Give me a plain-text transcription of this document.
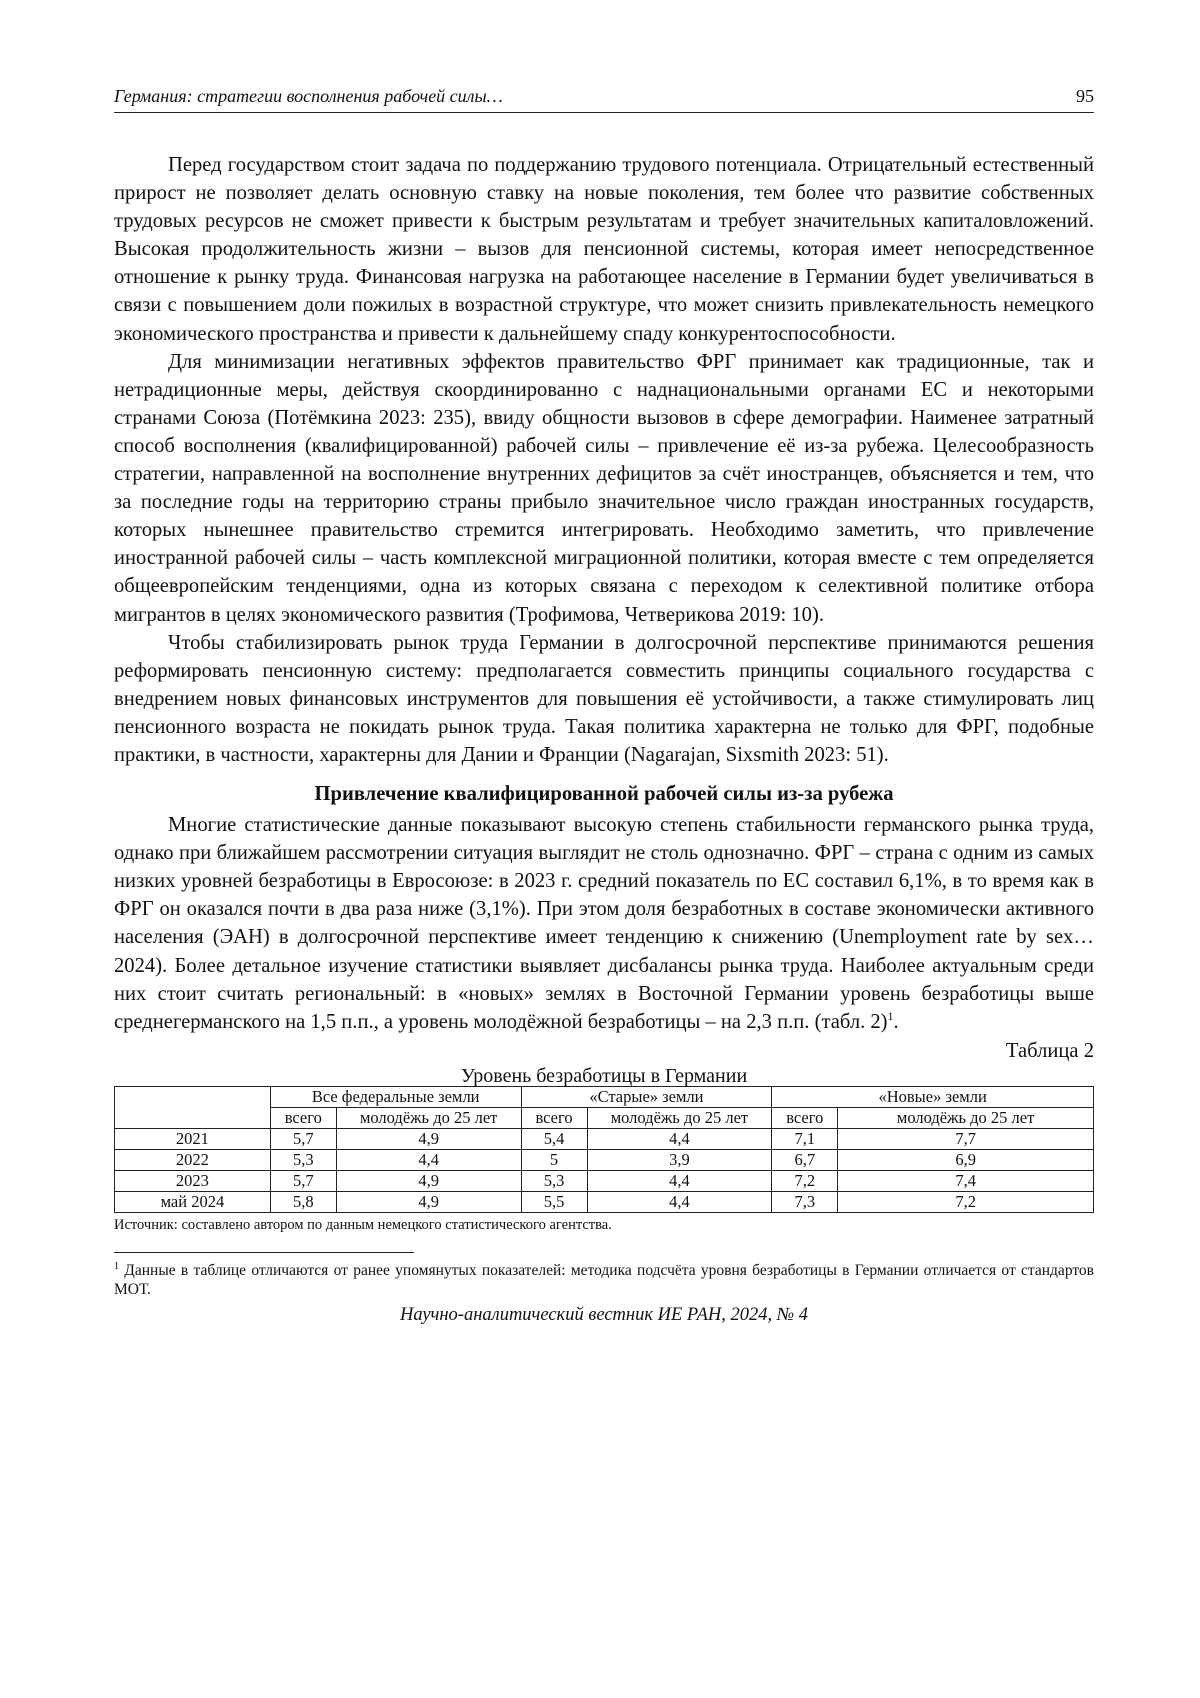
Германия: стратегии восполнения рабочей силы…	95

Перед государством стоит задача по поддержанию трудового потенциала. Отрицательный естественный прирост не позволяет делать основную ставку на новые поколения, тем более что развитие собственных трудовых ресурсов не сможет привести к быстрым результатам и требует значительных капиталовложений. Высокая продолжительность жизни – вызов для пенсионной системы, которая имеет непосредственное отношение к рынку труда. Финансовая нагрузка на работающее население в Германии будет увеличиваться в связи с повышением доли пожилых в возрастной структуре, что может снизить привлекательность немецкого экономического пространства и привести к дальнейшему спаду конкурентоспособности.

Для минимизации негативных эффектов правительство ФРГ принимает как традиционные, так и нетрадиционные меры, действуя скоординированно с наднациональными органами ЕС и некоторыми странами Союза (Потёмкина 2023: 235), ввиду общности вызовов в сфере демографии. Наименее затратный способ восполнения (квалифицированной) рабочей силы – привлечение её из-за рубежа. Целесообразность стратегии, направленной на восполнение внутренних дефицитов за счёт иностранцев, объясняется и тем, что за последние годы на территорию страны прибыло значительное число граждан иностранных государств, которых нынешнее правительство стремится интегрировать. Необходимо заметить, что привлечение иностранной рабочей силы – часть комплексной миграционной политики, которая вместе с тем определяется общеевропейским тенденциями, одна из которых связана с переходом к селективной политике отбора мигрантов в целях экономического развития (Трофимова, Четверикова 2019: 10).

Чтобы стабилизировать рынок труда Германии в долгосрочной перспективе принимаются решения реформировать пенсионную систему: предполагается совместить принципы социального государства с внедрением новых финансовых инструментов для повышения её устойчивости, а также стимулировать лиц пенсионного возраста не покидать рынок труда. Такая политика характерна не только для ФРГ, подобные практики, в частности, характерны для Дании и Франции (Nagarajan, Sixsmith 2023: 51).

Привлечение квалифицированной рабочей силы из-за рубежа

Многие статистические данные показывают высокую степень стабильности германского рынка труда, однако при ближайшем рассмотрении ситуация выглядит не столь однозначно. ФРГ – страна с одним из самых низких уровней безработицы в Евросоюзе: в 2023 г. средний показатель по ЕС составил 6,1%, в то время как в ФРГ он оказался почти в два раза ниже (3,1%). При этом доля безработных в составе экономически активного населения (ЭАН) в долгосрочной перспективе имеет тенденцию к снижению (Unemployment rate by sex… 2024). Более детальное изучение статистики выявляет дисбалансы рынка труда. Наиболее актуальным среди них стоит считать региональный: в «новых» землях в Восточной Германии уровень безработицы выше среднегерманского на 1,5 п.п., а уровень молодёжной безработицы – на 2,3 п.п. (табл. 2)$^1$.

Таблица 2
Уровень безработицы в Германии
	Все федеральные земли		«Старые» земли		«Новые» земли	
	всего	молодёжь до 25 лет	всего	молодёжь до 25 лет	всего	молодёжь до 25 лет
2021	5,7	4,9	5,4	4,4	7,1	7,7
2022	5,3	4,4	5	3,9	6,7	6,9
2023	5,7	4,9	5,3	4,4	7,2	7,4
май 2024	5,8	4,9	5,5	4,4	7,3	7,2
Источник: составлено автором по данным немецкого статистического агентства.
$^1$ Данные в таблице отличаются от ранее упомянутых показателей: методика подсчёта уровня безработицы в Германии отличается от стандартов МОТ.
Научно-аналитический вестник ИЕ РАН, 2024, № 4
